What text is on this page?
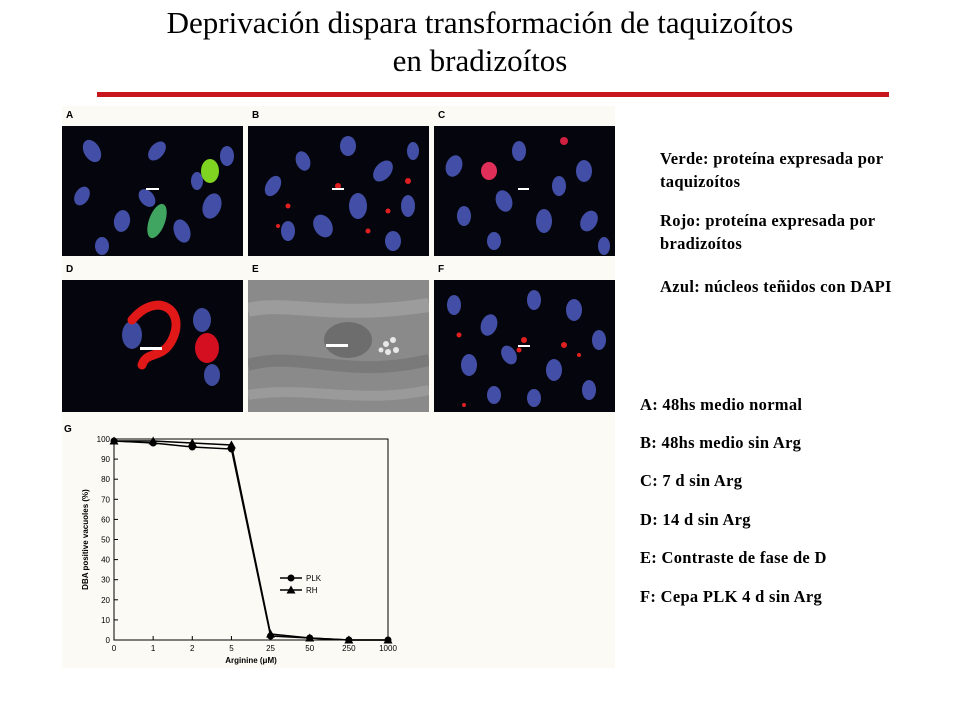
Deprivación dispara transformación de taquizoítos
en bradizoítos
A	B	C
D	E	F
G
0
10
20
30
40
50
60
70
80
90
100
0	1	2	5	25	50	250	1000
Arginine (μM)
DBA positive vacuoles (%)	PLK
RH
Verde: proteína expresada por taquizoítos
Rojo: proteína expresada por bradizoítos
Azul: núcleos teñidos con DAPI
A: 48hs medio normal
B: 48hs medio sin Arg
C: 7 d sin Arg
D: 14 d sin Arg
E: Contraste de fase de D
F: Cepa PLK 4 d sin Arg
